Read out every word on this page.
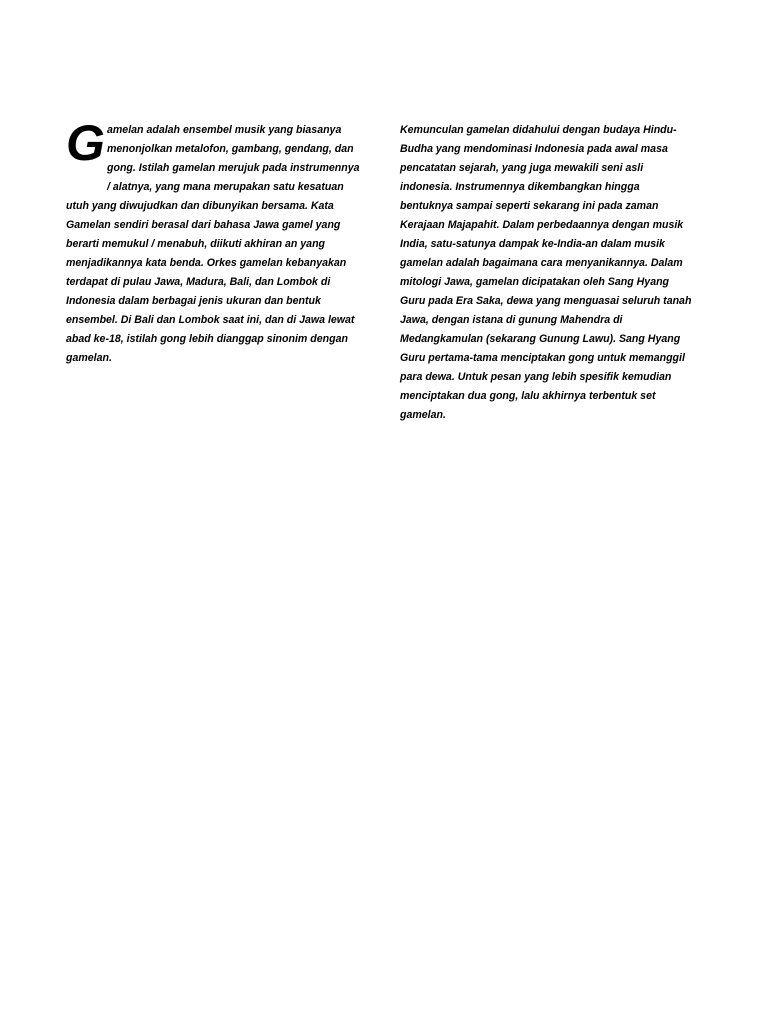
G amelan adalah ensembel musik yang biasanya
menonjolkan metalofon, gambang, gendang, dan
gong. Istilah gamelan merujuk pada instrumennya
/ alatnya, yang mana merupakan satu kesatuan
utuh yang diwujudkan dan dibunyikan bersama. Kata
Gamelan sendiri berasal dari bahasa Jawa gamel yang
berarti memukul / menabuh, diikuti akhiran an yang
menjadikannya kata benda. Orkes gamelan kebanyakan
terdapat di pulau Jawa, Madura, Bali, dan Lombok di
Indonesia dalam berbagai jenis ukuran dan bentuk
ensembel. Di Bali dan Lombok saat ini, dan di Jawa lewat
abad ke-18, istilah gong lebih dianggap sinonim dengan
gamelan.
Kemunculan gamelan didahului dengan budaya Hindu-
Budha yang mendominasi Indonesia pada awal masa
pencatatan sejarah, yang juga mewakili seni asli
indonesia. Instrumennya dikembangkan hingga
bentuknya sampai seperti sekarang ini pada zaman
Kerajaan Majapahit. Dalam perbedaannya dengan musik
India, satu-satunya dampak ke-India-an dalam musik
gamelan adalah bagaimana cara menyanikannya. Dalam
mitologi Jawa, gamelan dicipatakan oleh Sang Hyang
Guru pada Era Saka, dewa yang menguasai seluruh tanah
Jawa, dengan istana di gunung Mahendra di
Medangkamulan (sekarang Gunung Lawu). Sang Hyang
Guru pertama-tama menciptakan gong untuk memanggil
para dewa. Untuk pesan yang lebih spesifik kemudian
menciptakan dua gong, lalu akhirnya terbentuk set
gamelan.
